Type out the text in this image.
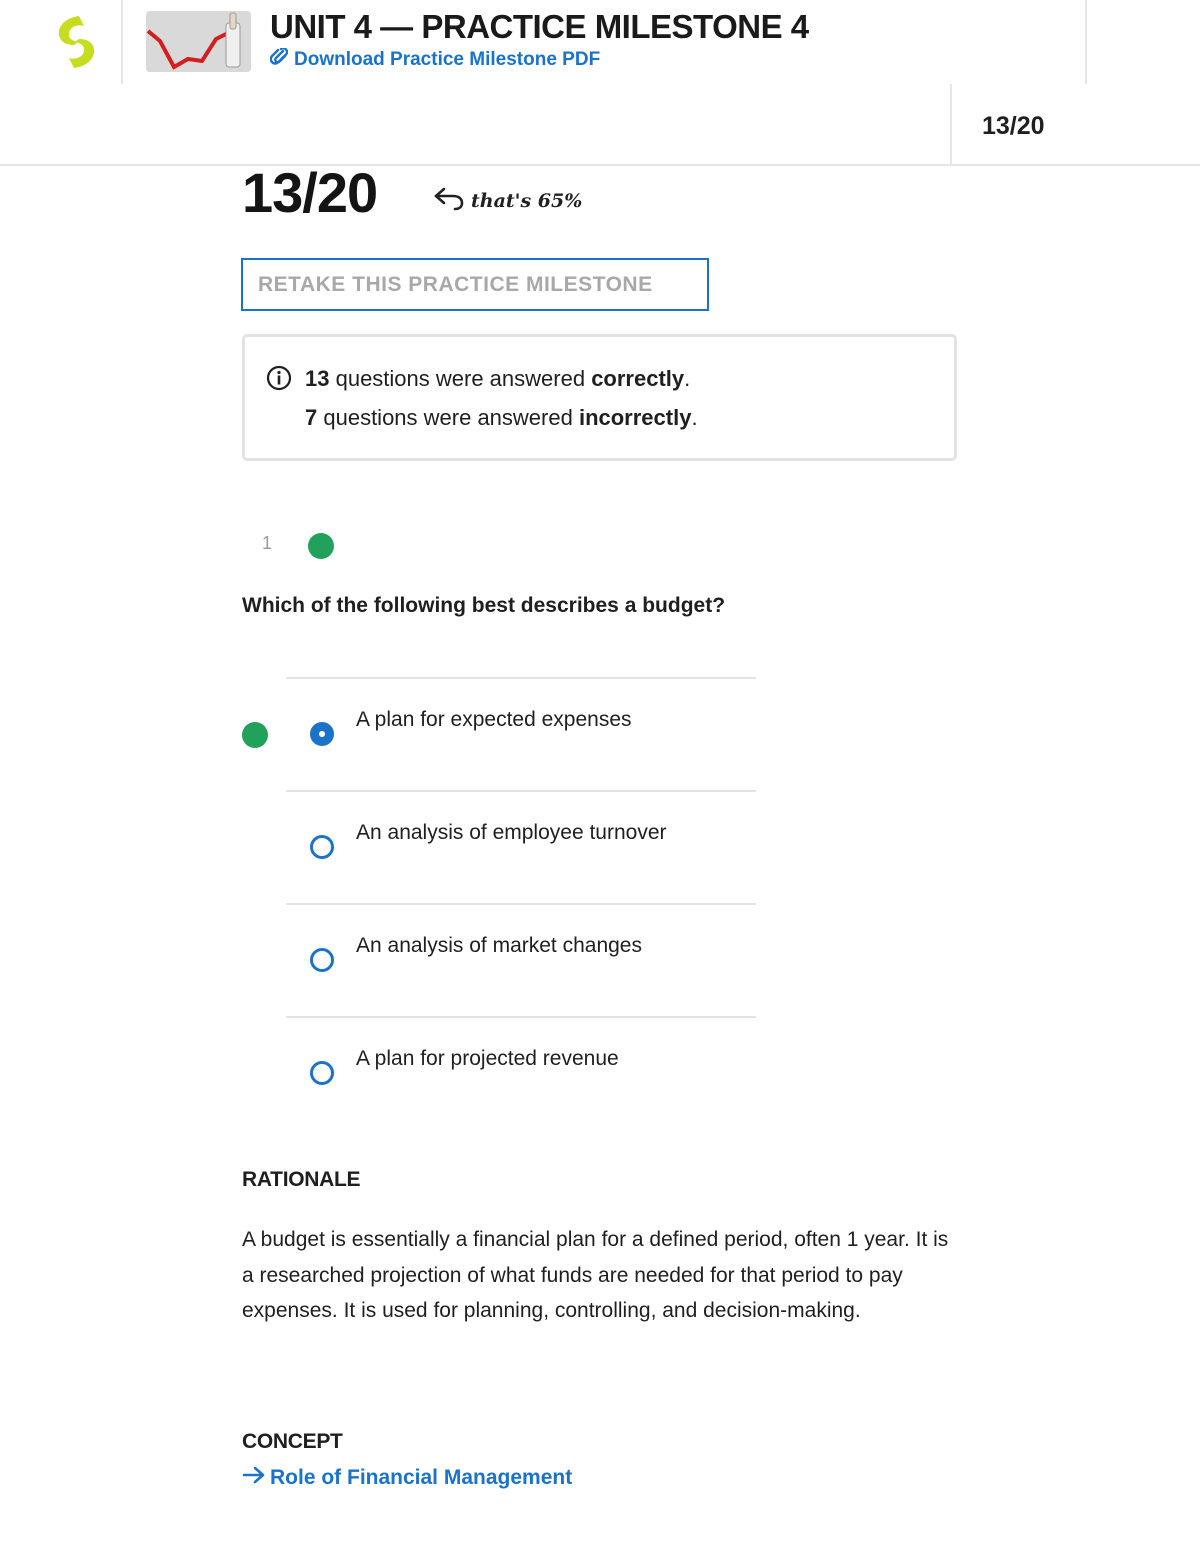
UNIT 4 — PRACTICE MILESTONE 4
Download Practice Milestone PDF
13/20
13/20	that's 65%
RETAKE THIS PRACTICE MILESTONE
13 questions were answered correctly.
7 questions were answered incorrectly.
1
Which of the following best describes a budget?
A plan for expected expenses
An analysis of employee turnover
An analysis of market changes
A plan for projected revenue
RATIONALE
A budget is essentially a financial plan for a defined period, often 1 year. It is a researched projection of what funds are needed for that period to pay expenses. It is used for planning, controlling, and decision-making.
CONCEPT
Role of Financial Management
